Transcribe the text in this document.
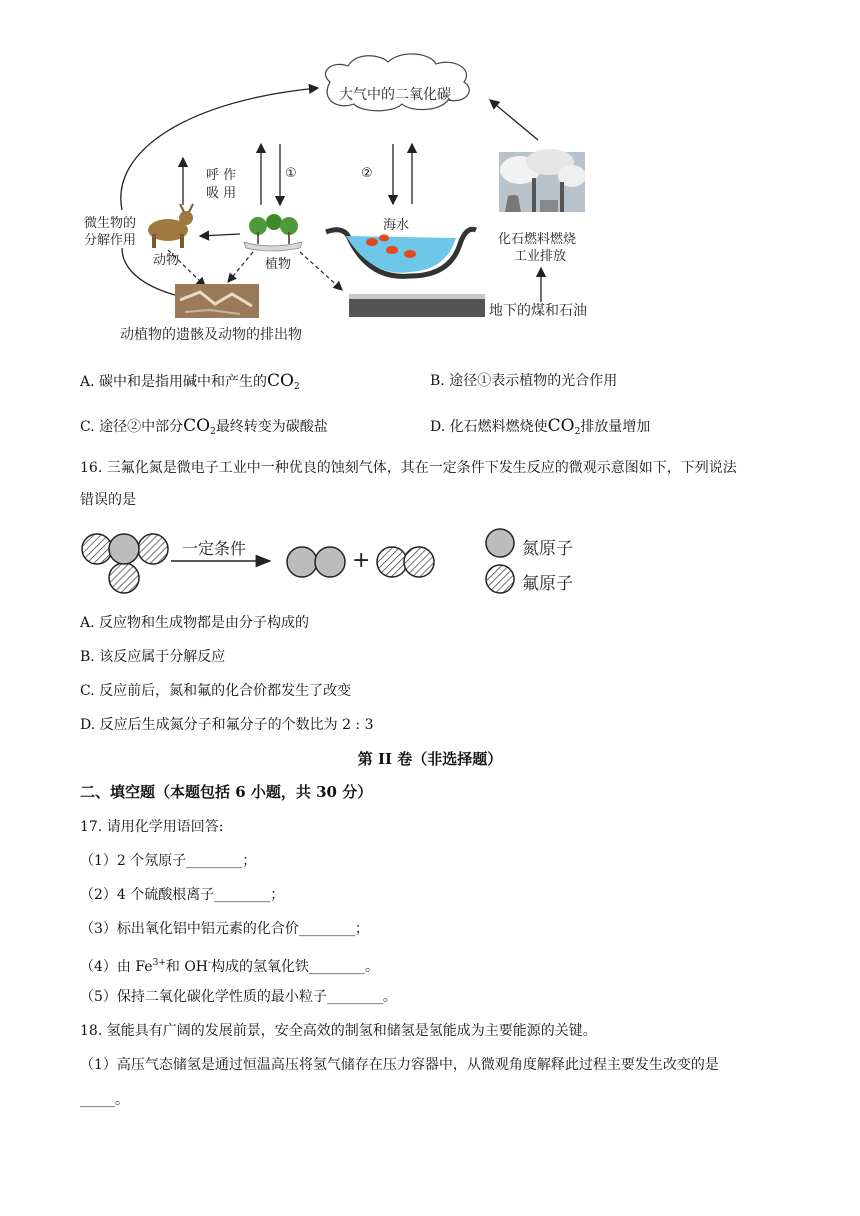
大气中的二氧化碳
呼 作
吸 用
①	②
微生物的
分解作用
动物	植物
海水
化石燃料燃烧
工业排放
动植物的遗骸及动物的排出物
地下的煤和石油
A. 碳中和是指用碱中和产生的$CO_2$	B. 途径①表示植物的光合作用
C. 途径②中部分$CO_2$最终转变为碳酸盐	D. 化石燃料燃烧使$CO_2$排放量增加
16. 三氟化氮是微电子工业中一种优良的蚀刻气体，其在一定条件下发生反应的微观示意图如下，下列说法
错误的是
一定条件	+	氮原子
氟原子
A. 反应物和生成物都是由分子构成的
B. 该反应属于分解反应
C. 反应前后，氮和氟的化合价都发生了改变
D. 反应后生成氮分子和氟分子的个数比为 2 : 3
第 II 卷（非选择题）
二、填空题（本题包括 6 小题，共 30 分）
17. 请用化学用语回答:
（1）2 个氖原子________；
（2）4 个硫酸根离子________；
（3）标出氧化铝中铝元素的化合价________；
（4）由 $Fe^{3+}$和 OH-构成的氢氧化铁________。
（5）保持二氧化碳化学性质的最小粒子________。
18. 氢能具有广阔的发展前景，安全高效的制氢和储氢是氢能成为主要能源的关键。
（1）高压气态储氢是通过恒温高压将氢气储存在压力容器中，从微观角度解释此过程主要发生改变的是
_____。
